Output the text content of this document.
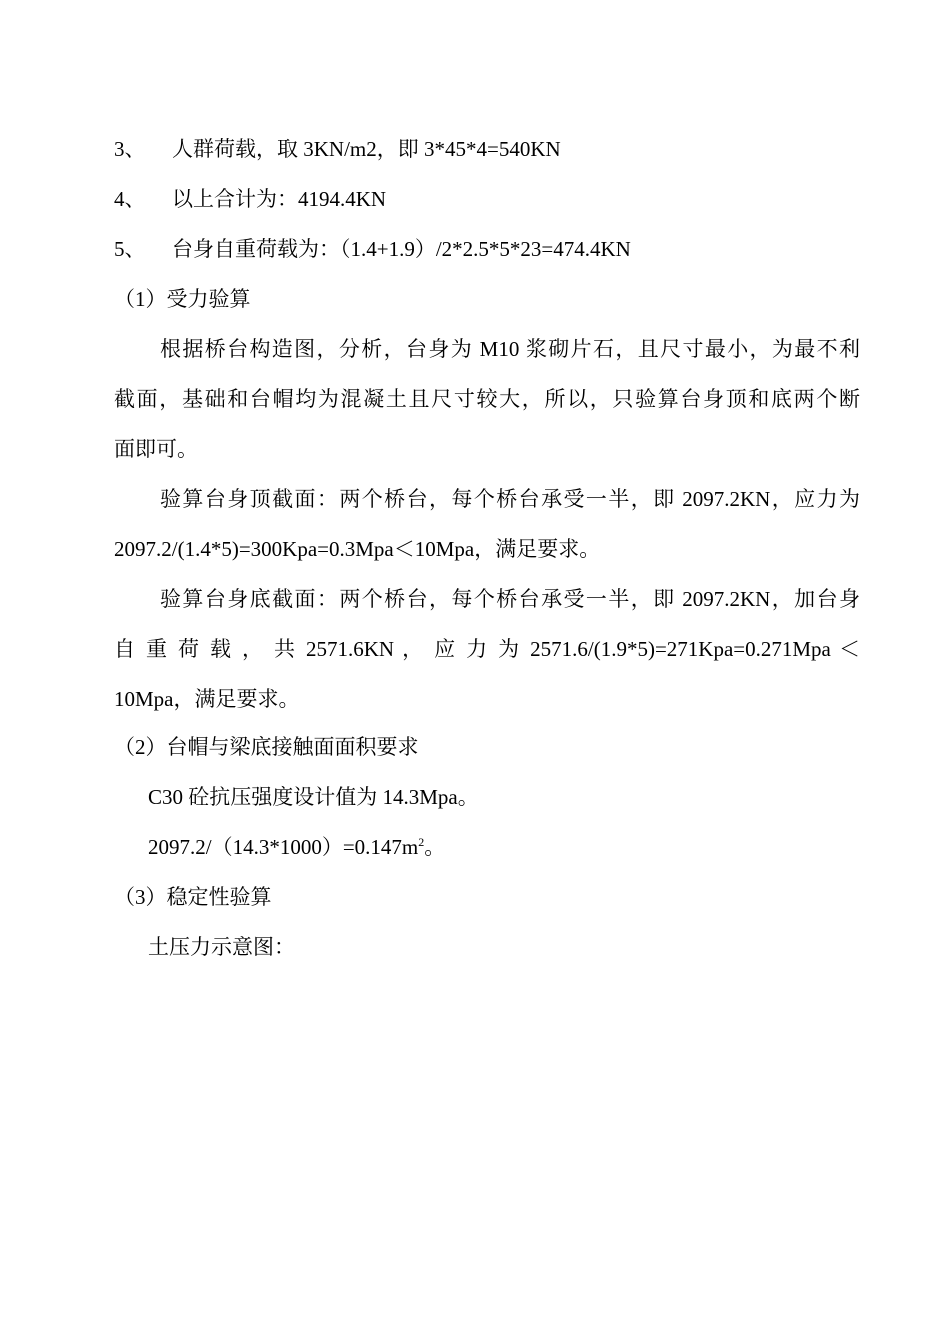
3、 人群荷载，取 3KN/m2，即 3*45*4=540KN
4、 以上合计为：4194.4KN
5、 台身自重荷载为：（1.4+1.9）/2*2.5*5*23=474.4KN
（1）受力验算
根据桥台构造图，分析，台身为 M10 浆砌片石，且尺寸最小，为最不利
截面，基础和台帽均为混凝土且尺寸较大，所以，只验算台身顶和底两个断
面即可。
验算台身顶截面：两个桥台，每个桥台承受一半，即 2097.2KN，应力为
2097.2/(1.4*5)=300Kpa=0.3Mpa＜10Mpa，满足要求。
验算台身底截面：两个桥台，每个桥台承受一半，即 2097.2KN，加台身
自 重 荷 载 ， 共 2571.6KN ， 应 力 为 2571.6/(1.9*5)=271Kpa=0.271Mpa ＜
10Mpa，满足要求。
（2）台帽与梁底接触面面积要求
C30 砼抗压强度设计值为 14.3Mpa。
$2097.2/(14.3*1000)=0.147m^2$。
（3）稳定性验算
土压力示意图：
